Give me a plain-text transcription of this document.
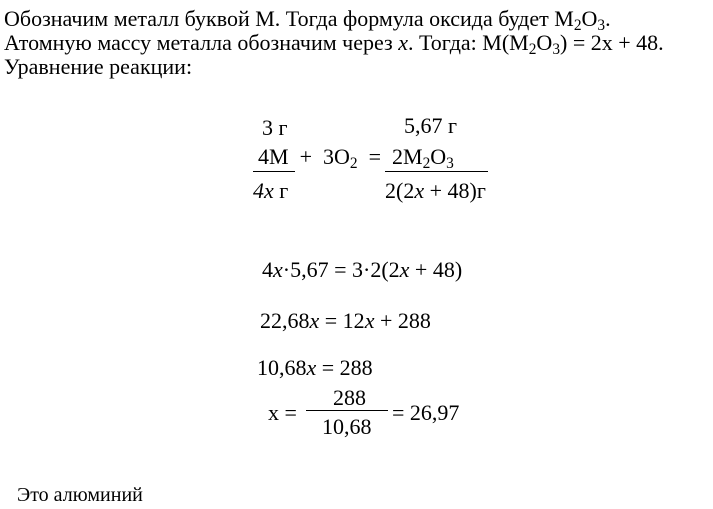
Обозначим металл буквой М. Тогда формула оксида будет $M_2O_3$.
Атомную массу металла обозначим через x. Тогда: $M(M_2O_3) = 2x + 48$.
Уравнение реакции:
3 г	5,67 г
$4M + 3O_2 = 2M_2O_3$
4x г	2(2x + 48)г
4x·5,67 = 3·2(2x + 48)
22,68x = 12x + 288
10,68x = 288
x =
288
10,68
= 26,97
Это алюминий
